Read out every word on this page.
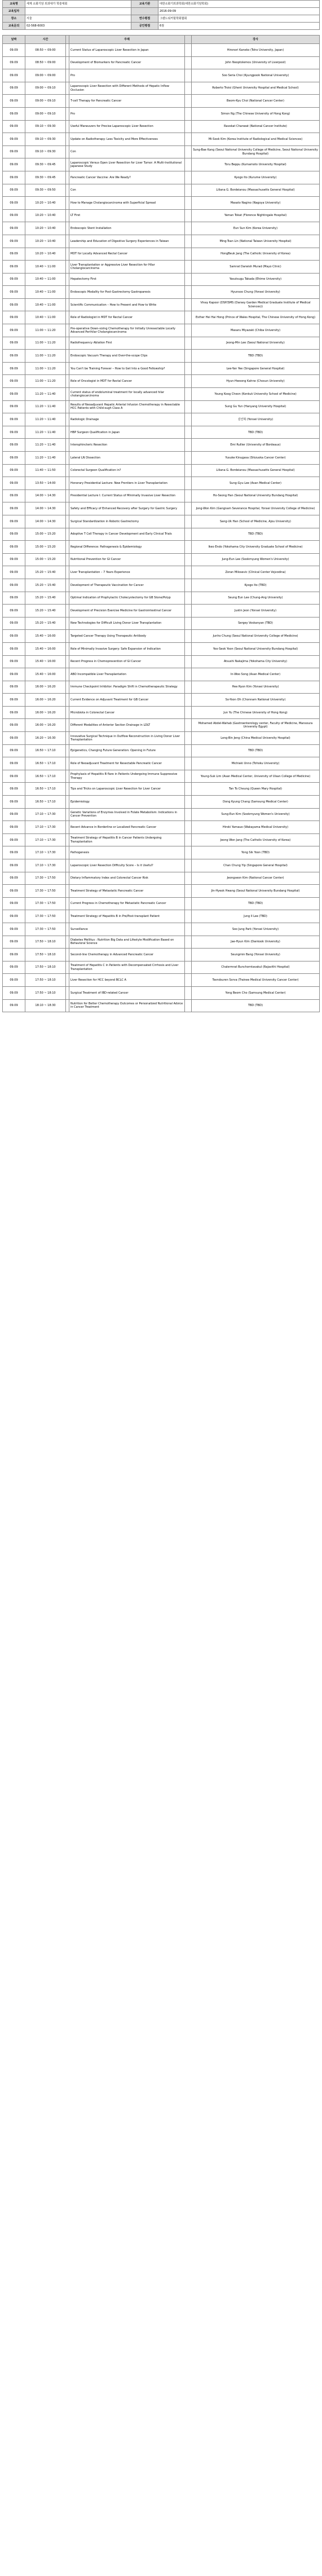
교육명	세계 소화기암 외과대가 학술대회	교육기관	대한소화기외과학회(대한소화기암학회)
교육일자			2016-09-09
장소	서울	연수평점	그랜드워커힐학회협회
교육문의	02-568-6003	공인평점	6점
날짜	시간		주제		강사
09.09	08:50 ~ 09:00		Current Status of Laparoscopic Liver Resection in Japan		Hironori Kaneko (Toho University, Japan)
09.09	08:50 ~ 09:00		Development of Biomarkers for Pancreatic Cancer		John Neoptolemos (University of Liverpool)
09.09	09:00 ~ 09:00		Pro		Soo Seria Choi (Kyungpook National University)
09.09	09:00 ~ 09:10		Laparoscopic Liver Resection with Different Methods of Hepatic Inflow Occlusion		Roberto Troisi (Ghent University Hospital and Medical School)
09.09	09:00 ~ 09:10		T-cell Therapy for Pancreatic Cancer		Beom-Kyu Choi (National Cancer Center)
09.09	09:00 ~ 09:10		Pro		Simon Ng (The Chinese University of Hong Kong)
09.09	09:10 ~ 09:30		Useful Maneuvers for Precise Laparoscopic Liver Resection		Ravekat Chanwat (National Cancer Institute)
09.09	09:10 ~ 09:30		Update on Radiotherapy: Less Toxicity and More Effectiveness		Mi-Sook Kim (Korea Institute of Radiological and Medical Sciences)
09.09	09:10 ~ 09:30		Con		Sung-Bae Kang (Seoul National University College of Medicine, Seoul National University Bundang Hospital)
09.09	09:30 ~ 09:45		Laparoscopic Versus Open Liver Resection for Liver Tumor: A Multi-Institutional Japanese Study		Toru Beppu (Kumamoto University Hospital)
09.09	09:30 ~ 09:45		Pancreatic Cancer Vaccine: Are We Ready?		Kyogo Ito (Kurume University)
09.09	09:30 ~ 09:50		Con		Liliana G. Bordeianou (Massachusetts General Hospital)
09.09	10:20 ~ 10:40		How to Manage Cholangiocarcinoma with Superficial Spread		Masato Nagino (Nagoya University)
09.09	10:20 ~ 10:40		LT First		Yaman Tokat (Florence Nightingale Hospital)
09.09	10:20 ~ 10:40		Endoscopic Stent Installation		Eun Sun Kim (Korea University)
09.09	10:20 ~ 10:40		Leadership and Education of Digestive Surgery Experiences in Taiwan		Ming-Tsan Lin (National Taiwan University Hospital)
09.09	10:20 ~ 10:40		MDT for Locally Advanced Rectal Cancer		HongBeuk Jang (The Catholic University of Korea)
09.09	10:40 ~ 11:00		Liver Transplantation or Aggressive Liver Resection for Hilar Cholangiocarcinoma		Samrat Darwish Murad (Mayo Clinic)
09.09	10:40 ~ 11:00		Hepatectomy First		Yasutsugu Takada (Ehime University)
09.09	10:40 ~ 11:00		Endoscopic Modality for Post-Gastrectomy Gastroparesis		Hyunsoo Chung (Yonsei University)
09.09	10:40 ~ 11:00		Scientific Communication – How to Present and How to Write		Vinay Kapoor (DSP/SMS (Darsey Garden Medical Graduate Institute of Medical Sciences))
09.09	10:40 ~ 11:00		Role of Radiologist in MDT for Rectal Cancer		Esther Hei Hai Hong (Prince of Wales Hospital, The Chinese University of Hong Kong)
09.09	11:00 ~ 11:20		Pre-operative Down-sizing Chemotherapy for Initially Unresectable Locally Advanced Perihilar Cholangiocarcinoma		Masaru Miyazaki (Chiba University)
09.09	11:00 ~ 11:20		Radiofrequency Ablation First		Jeong-Min Lee (Seoul National University)
09.09	11:00 ~ 11:20		Endoscopic Vacuum Therapy and Over-the-scope Clips		TBD (TBD)
09.09	11:00 ~ 11:20		You Can't be Training Forever – How to Get Into a Good Fellowship?		Lee-Yan Yee (Singapore General Hospital)
09.09	11:00 ~ 11:20		Role of Oncologist in MDT for Rectal Cancer		Hyun-Hwoong Kahne (Chosun University)
09.09	11:20 ~ 11:40		Current status of endoluminal treatment for locally advanced hilar cholangiocarcinoma		Young Koog Cheon (Konkuk University School of Medicine)
09.09	11:20 ~ 11:40		Results of Neoadjuvant Hepatic Arterial Infusion Chemotherapy in Resectable HCC Patients with Child-sugh Class A		Sung Gu Yun (Hanyang University Hospital)
09.09	11:20 ~ 11:40		Radiologic Drainage		김인혁 (Yonsei University)
09.09	11:20 ~ 11:40		HBP Surgeon Qualification in Japan		TBD (TBD)
09.09	11:20 ~ 11:40		Intersphincteric Resection		Emi Rullier (University of Bordeaux)
09.09	11:20 ~ 11:40		Lateral LN Dissection		Yusuke Kinugasa (Shizuoka Cancer Center)
09.09	11:40 ~ 11:50		Colorectal Surgeon Qualification in?		Liliana G. Bordeianou (Massachusetts General Hospital)
09.09	13:50 ~ 14:00		Honorary Presidential Lecture: New Frontiers in Liver Transplantation		Sung-Gyu Lee (Asan Medical Center)
09.09	14:00 ~ 14:30		Presidential Lecture I: Current Status of Minimally Invasive Liver Resection		Ho-Seong Han (Seoul National University Bundang Hospital)
09.09	14:00 ~ 14:30		Safety and Efficacy of Enhanced Recovery after Surgery for Gastric Surgery		Jong-Won Kim (Gangnam Severance Hospital, Yonsei University College of Medicine)
09.09	14:00 ~ 14:30		Surgical Standardization in Robotic Gastrectomy		Sang-Uk Han (School of Medicine, Ajou University)
09.09	15:00 ~ 15:20		Adoptive T Cell Therapy in Cancer Development and Early Clinical Trials		TBD (TBD)
09.09	15:00 ~ 15:20		Regional Difference: Pathogenesis & Epidemiology		Ikeo Endo (Yokohama City University Graduate School of Medicine)
09.09	15:00 ~ 15:20		Nutritional Prevention for GI Cancer		Jung-Eun Lee (Sookmyung Women's University)
09.09	15:20 ~ 15:40		Liver Transplantation – 7 Years Experience		Zoran Milosevic (Clinical Center Vojvodina)
09.09	15:20 ~ 15:40		Development of Therapeutic Vaccination for Cancer		Kyogo Ito (TBD)
09.09	15:20 ~ 15:40		Optimal Indication of Prophylactic Cholecystectomy for GB Stone/Polyp		Seung Eun Lee (Chung-Ang University)
09.09	15:20 ~ 15:40		Development of Precision Exercise Medicine for Gastrointestinal Cancer		Justin Jeon (Yonsei University)
09.09	15:20 ~ 15:40		New Technologies for Difficult Living Donor Liver Transplantation		Sergey Voskanyan (TBD)
09.09	15:40 ~ 16:00		Targeted Cancer Therapy Using Therapeutic Antibody		Junho Chung (Seoul National University College of Medicine)
09.09	15:40 ~ 16:00		Role of Minimally Invasive Surgery: Safe Expansion of Indication		Yoo-Seok Yoon (Seoul National University Bundang Hospital)
09.09	15:40 ~ 16:00		Recent Progress in Chemoprevention of GI Cancer		Atsushi Nakajima (Yokohama City University)
09.09	15:40 ~ 16:00		ABO Incompatible Liver Transplantation		In-Woo Song (Asan Medical Center)
09.09	16:00 ~ 16:20		Immune Checkpoint Inhibitor: Paradigm Shift in Chemotherapeutic Strategy		Hee Ryon Kim (Yonsei University)
09.09	16:00 ~ 16:20		Current Evidence on Adjuvant Treatment for GB Cancer		So-Yoon Oh (Chonnam National University)
09.09	16:00 ~ 16:20		Microbiota in Colorectal Cancer		Jun Yu (The Chinese University of Hong Kong)
09.09	16:00 ~ 16:20		Different Modalities of Anterior Section Drainage in LDLT		Mohamed Abdel-Wahab (Gastroenterology center, Faculty of Medicine, Mansoura University Egypt)
09.09	16:20 ~ 16:30		Innovative Surgical Technique in Outflow Reconstruction in Living Donor Liver Transplantation		Long-Bin Jeng (China Medical University Hospital)
09.09	16:50 ~ 17:10		Epigenetics, Changing Future Generation: Opening in Future		TBD (TBD)
09.09	16:50 ~ 17:10		Role of Neoadjuvant Treatment for Resectable Pancreatic Cancer		Michiaki Unno (Tohoku University)
09.09	16:50 ~ 17:10		Prophylaxis of Hepatitis B flare in Patients Undergoing Immune Suppressive Therapy		Young-Suk Lim (Asan Medical Center, University of Ulsan College of Medicine)
09.09	16:50 ~ 17:10		Tips and Tricks on Laparoscopic Liver Resection for Liver Cancer		Tan To Cheung (Queen Mary Hospital)
09.09	16:50 ~ 17:10		Epidemiology		Dong Kyung Chang (Samsung Medical Center)
09.09	17:10 ~ 17:30		Genetic Variations of Enzymes Involved in Folate Metabolism: Indications in Cancer Prevention		Sung-Eun Kim (Sookmyung Women's University)
09.09	17:10 ~ 17:30		Recent Advance in Borderline or Localized Pancreatic Cancer		Hiroki Yamaue (Wakayama Medical University)
09.09	17:10 ~ 17:30		Treatment Strategy of Hepatitis B in Cancer Patients Undergoing Transplantation		Jeong Won Jang (The Catholic University of Korea)
09.09	17:10 ~ 17:30		Pathogenesis		Yong Sik Yoon (TBD)
09.09	17:10 ~ 17:30		Laparoscopic Liver Resection Difficulty Score – Is it Useful?		Chan Chung Yip (Singapore General Hospital)
09.09	17:30 ~ 17:50		Dietary Inflammatory Index and Colorectal Cancer Risk		Jeongseon Kim (National Cancer Center)
09.09	17:30 ~ 17:50		Treatment Strategy of Metastatic Pancreatic Cancer		Jin-Hyeok Hwang (Seoul National University Bundang Hospital)
09.09	17:30 ~ 17:50		Current Progress in Chemotherapy for Metastatic Pancreatic Cancer		TBD (TBD)
09.09	17:30 ~ 17:50		Treatment Strategy of Hepatitis B in Pre/Post-transplant Patient		Jung Il Lee (TBD)
09.09	17:30 ~ 17:50		Surveillance		Soo Jung Park (Yonsei University)
09.09	17:50 ~ 18:10		Diabetes Mellitus : Nutrition Big Data and Lifestyle Modification Based on Behavioral Science		Jae-Hyun Kim (Dankook University)
09.09	17:50 ~ 18:10		Second-line Chemotherapy in Advanced Pancreatic Cancer		Seungmin Bang (Yonsei University)
09.09	17:50 ~ 18:10		Treatment of Hepatitis C in Patients with Decompensated Cirrhosis and Liver Transplantation		Chalermrat Bunchorntavakul (Rajavithi Hospital)
09.09	17:50 ~ 18:10		Liver Resection for HCC beyond BCLC A		Tsendsuren Sorva (Trainee Medical University Cancer Center)
09.09	17:50 ~ 18:10		Surgical Treatment of IBD-related Cancer		Yong Beom Cho (Samsung Medical Center)
09.09	18:10 ~ 18:30		Nutrition for Better Chemotherapy Outcomes or Personalized Nutritional Advice in Cancer Treatment		TBD (TBD)
